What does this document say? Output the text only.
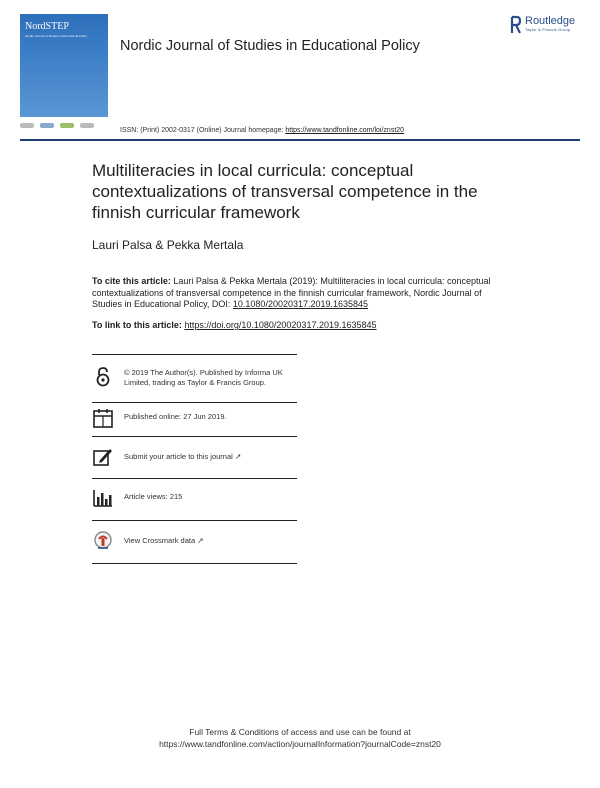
NordSTEP
Nordic Journal of Studies in Educational Policy
Nordic Journal of Studies in Educational Policy
Routledge
Taylor & Francis Group
ISSN: (Print) 2002-0317 (Online) Journal homepage: https://www.tandfonline.com/loi/znst20
Multiliteracies in local curricula: conceptual contextualizations of transversal competence in the finnish curricular framework
Lauri Palsa & Pekka Mertala
To cite this article: Lauri Palsa & Pekka Mertala (2019): Multiliteracies in local curricula: conceptual contextualizations of transversal competence in the finnish curricular framework, Nordic Journal of Studies in Educational Policy, DOI: 10.1080/20020317.2019.1635845
To link to this article: https://doi.org/10.1080/20020317.2019.1635845
© 2019 The Author(s). Published by Informa UK Limited, trading as Taylor & Francis Group.
Published online: 27 Jun 2019.
Submit your article to this journal ↗
Article views: 215
View Crossmark data ↗
Full Terms & Conditions of access and use can be found at
https://www.tandfonline.com/action/journalInformation?journalCode=znst20
